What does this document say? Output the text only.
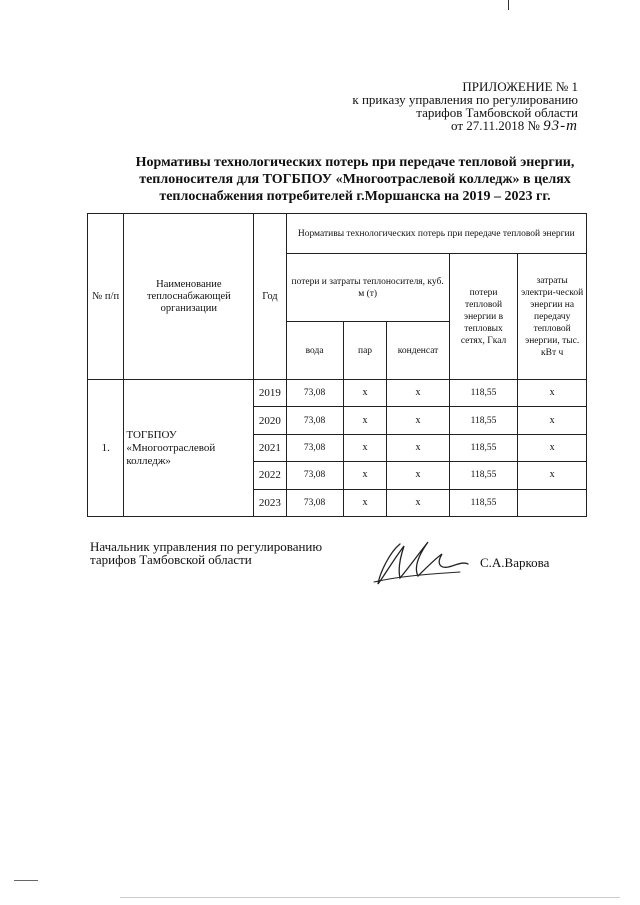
ПРИЛОЖЕНИЕ № 1
к приказу управления по регулированию
тарифов Тамбовской области
от 27.11.2018 № 93-т
Нормативы технологических потерь при передаче тепловой энергии,
теплоносителя для ТОГБПОУ «Многоотраслевой колледж» в целях
теплоснабжения потребителей г.Моршанска на 2019 – 2023 гг.
№ п/п	Наименование теплоснабжающей организации	Год	Нормативы технологических потерь при передаче тепловой энергии				
			потери и затраты теплоносителя, куб. м (т)			потери тепловой энергии в тепловых сетях, Гкал	затраты электри-ческой энергии на передачу тепловой энергии, тыс. кВт ч
			вода	пар	конденсат		
1.	ТОГБПОУ «Многоотраслевой колледж»	2019	73,08	x	x	118,55	x
		2020	73,08	x	x	118,55	x
		2021	73,08	x	x	118,55	x
		2022	73,08	x	x	118,55	x
		2023	73,08	x	x	118,55	
Начальник управления по регулированию
тарифов Тамбовской области	С.А.Варкова
